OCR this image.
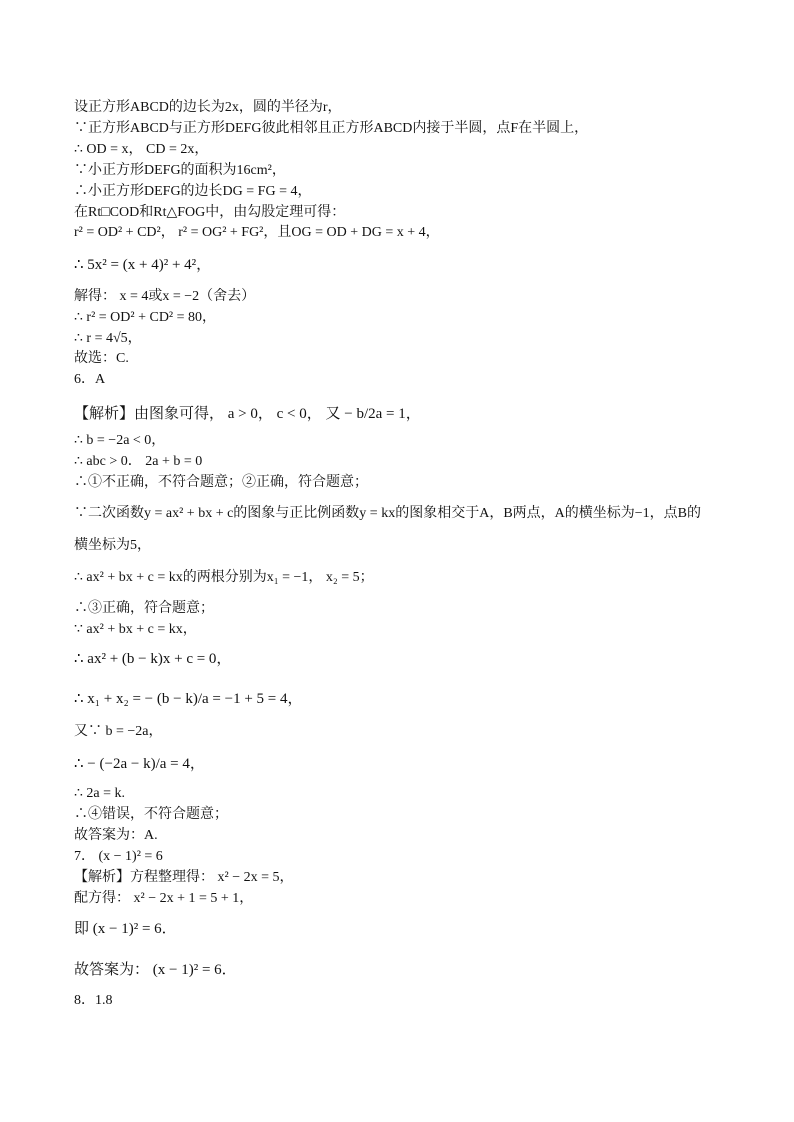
设正方形ABCD的边长为2x，圆的半径为r，
∵正方形ABCD与正方形DEFG彼此相邻且正方形ABCD内接于半圆，点F在半圆上，
∴ OD = x， CD = 2x，
∵小正方形DEFG的面积为16cm²，
∴小正方形DEFG的边长DG = FG = 4，
在Rt□COD和Rt△FOG中，由勾股定理可得：
r² = OD² + CD²， r² = OG² + FG²，且OG = OD + DG = x + 4，
∴ 5x² = (x + 4)² + 4²，
解得： x = 4或x = −2（舍去）
∴ r² = OD² + CD² = 80，
∴ r = 4√5，
故选：C.
6．A
【解析】由图象可得， a > 0， c < 0， 又 − b/2a = 1，
∴ b = −2a < 0，
∴ abc > 0． 2a + b = 0
∴①不正确，不符合题意；②正确，符合题意；
∵二次函数y = ax² + bx + c的图象与正比例函数y = kx的图象相交于A，B两点，A的横坐标为−1，点B的
横坐标为5，
∴ ax² + bx + c = kx的两根分别为x₁ = −1， x₂ = 5；
∴③正确，符合题意；
∵ ax² + bx + c = kx，
∴ ax² + (b − k)x + c = 0，
∴ x₁ + x₂ = − (b − k)/a = −1 + 5 = 4，
又∵ b = −2a，
∴ − (−2a − k)/a = 4，
∴ 2a = k.
∴④错误，不符合题意；
故答案为：A.
7． (x − 1)² = 6
【解析】方程整理得： x² − 2x = 5，
配方得： x² − 2x + 1 = 5 + 1，
即 (x − 1)² = 6．
故答案为： (x − 1)² = 6．
8．1.8
